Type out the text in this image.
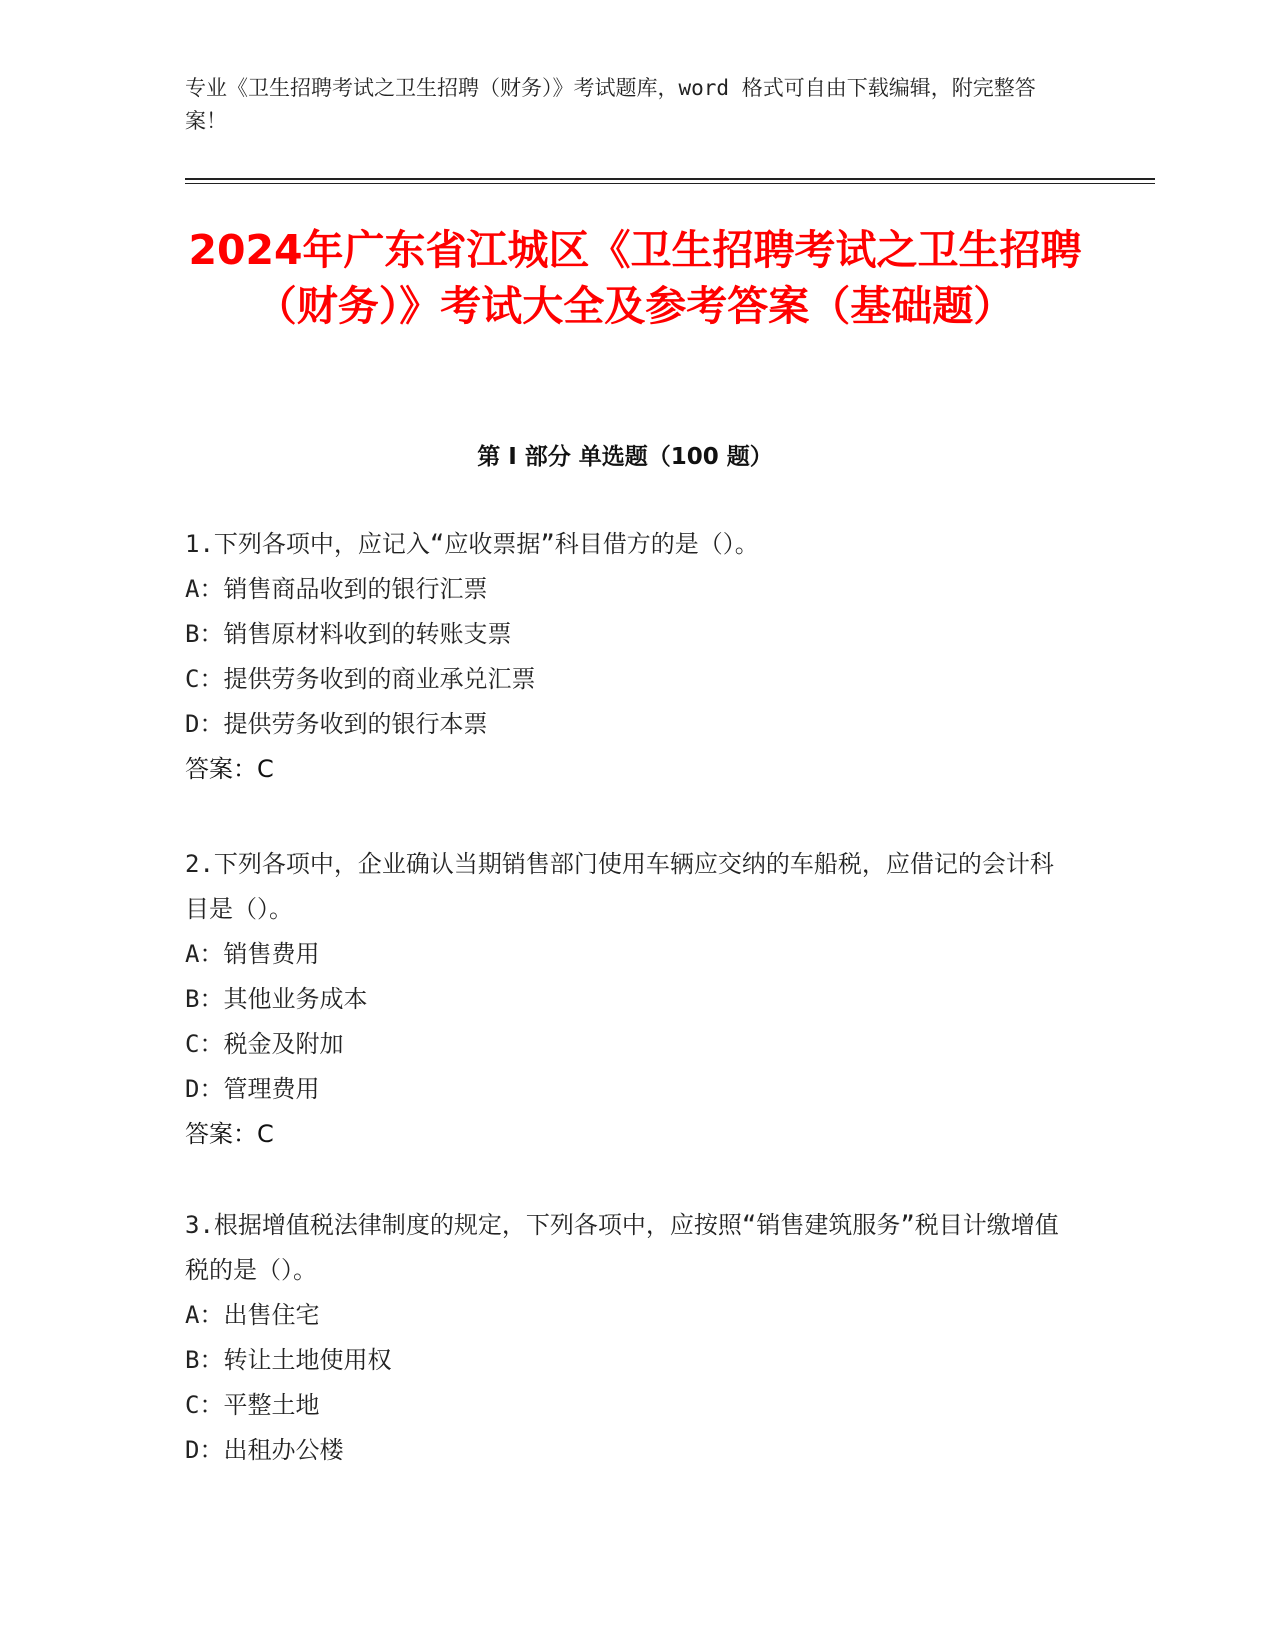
专业《卫生招聘考试之卫生招聘（财务）》考试题库，word 格式可自由下载编辑，附完整答案！
2024年广东省江城区《卫生招聘考试之卫生招聘（财务）》考试大全及参考答案（基础题）
第 I 部分 单选题（100 题）
1.下列各项中，应记入“应收票据”科目借方的是（）。
A：销售商品收到的银行汇票
B：销售原材料收到的转账支票
C：提供劳务收到的商业承兑汇票
D：提供劳务收到的银行本票
答案：C
2.下列各项中，企业确认当期销售部门使用车辆应交纳的车船税，应借记的会计科目是（）。
A：销售费用
B：其他业务成本
C：税金及附加
D：管理费用
答案：C
3.根据增值税法律制度的规定，下列各项中，应按照“销售建筑服务”税目计缴增值税的是（）。
A：出售住宅
B：转让土地使用权
C：平整土地
D：出租办公楼
